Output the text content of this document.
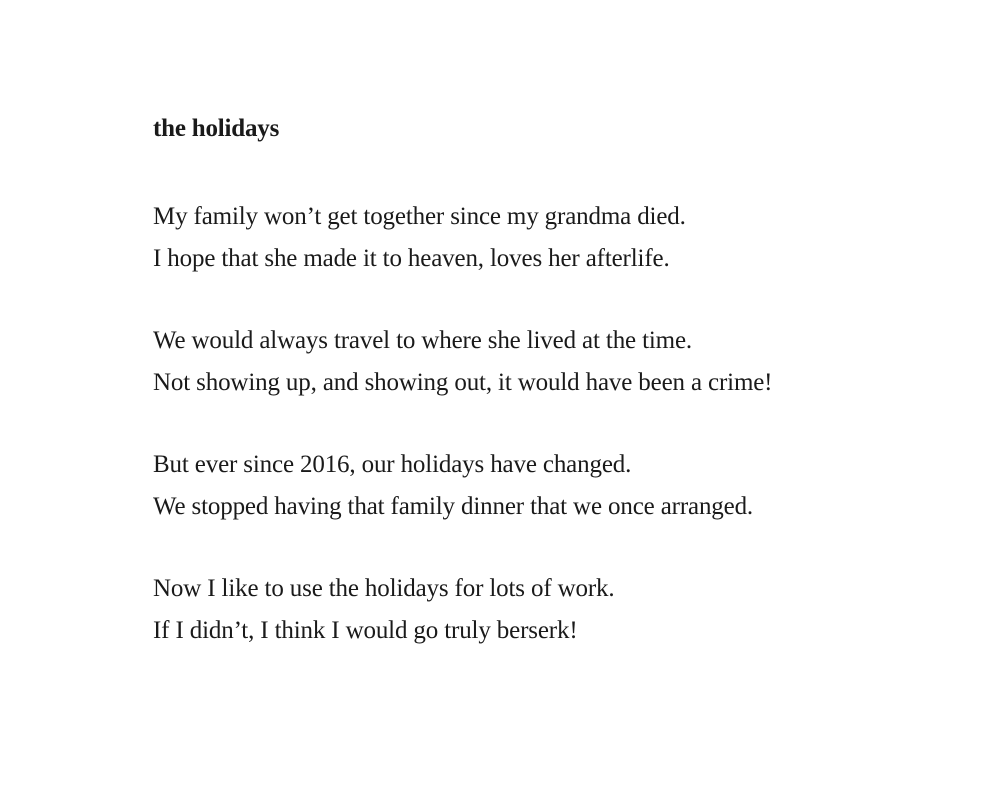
the holidays

My family won’t get together since my grandma died.

I hope that she made it to heaven, loves her afterlife.

We would always travel to where she lived at the time.

Not showing up, and showing out, it would have been a crime!

But ever since 2016, our holidays have changed.

We stopped having that family dinner that we once arranged.

Now I like to use the holidays for lots of work.

If I didn’t, I think I would go truly berserk!
